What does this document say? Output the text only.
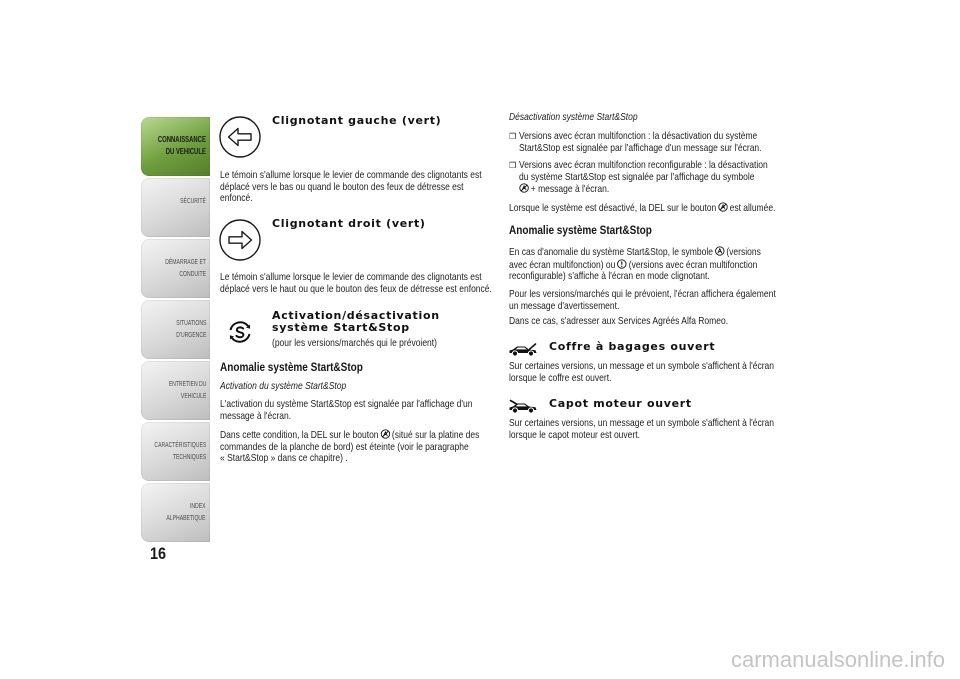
CONNAISSANCE
DU VEHICULE
SÉCURITÉ
DÉMARRAGE ET
CONDUITE
SITUATIONS
D'URGENCE
ENTRETIEN DU
VEHICULE
CARACTÉRISTIQUES
TECHNIQUES
INDEX
ALPHABETIQUE
16
Clignotant gauche (vert)
Le témoin s'allume lorsque le levier de commande des clignotants est
déplacé vers le bas ou quand le bouton des feux de détresse est
enfoncé.
Clignotant droit (vert)
Le témoin s'allume lorsque le levier de commande des clignotants est
déplacé vers le haut ou que le bouton des feux de détresse est enfoncé.
Activation/désactivation
système Start&Stop
(pour les versions/marchés qui le prévoient)
Anomalie système Start&Stop
Activation du système Start&Stop
L'activation du système Start&Stop est signalée par l'affichage d'un
message à l'écran.
Dans cette condition, la DEL sur le bouton (situé sur la platine des
commandes de la planche de bord) est éteinte (voir le paragraphe
« Start&Stop » dans ce chapitre) .
Désactivation système Start&Stop
❒ Versions avec écran multifonction : la désactivation du système
Start&Stop est signalée par l'affichage d'un message sur l'écran.
❒ Versions avec écran multifonction reconfigurable : la désactivation
du système Start&Stop est signalée par l'affichage du symbole
+ message à l'écran.
Lorsque le système est désactivé, la DEL sur le bouton est allumée.
Anomalie système Start&Stop
En cas d'anomalie du système Start&Stop, le symbole (versions
avec écran multifonction) ou (versions avec écran multifonction
reconfigurable) s'affiche à l'écran en mode clignotant.
Pour les versions/marchés qui le prévoient, l'écran affichera également
un message d'avertissement.
Dans ce cas, s'adresser aux Services Agréés Alfa Romeo.
Coffre à bagages ouvert
Sur certaines versions, un message et un symbole s'affichent à l'écran
lorsque le coffre est ouvert.
Capot moteur ouvert
Sur certaines versions, un message et un symbole s'affichent à l'écran
lorsque le capot moteur est ouvert.
carmanualsonline.info
